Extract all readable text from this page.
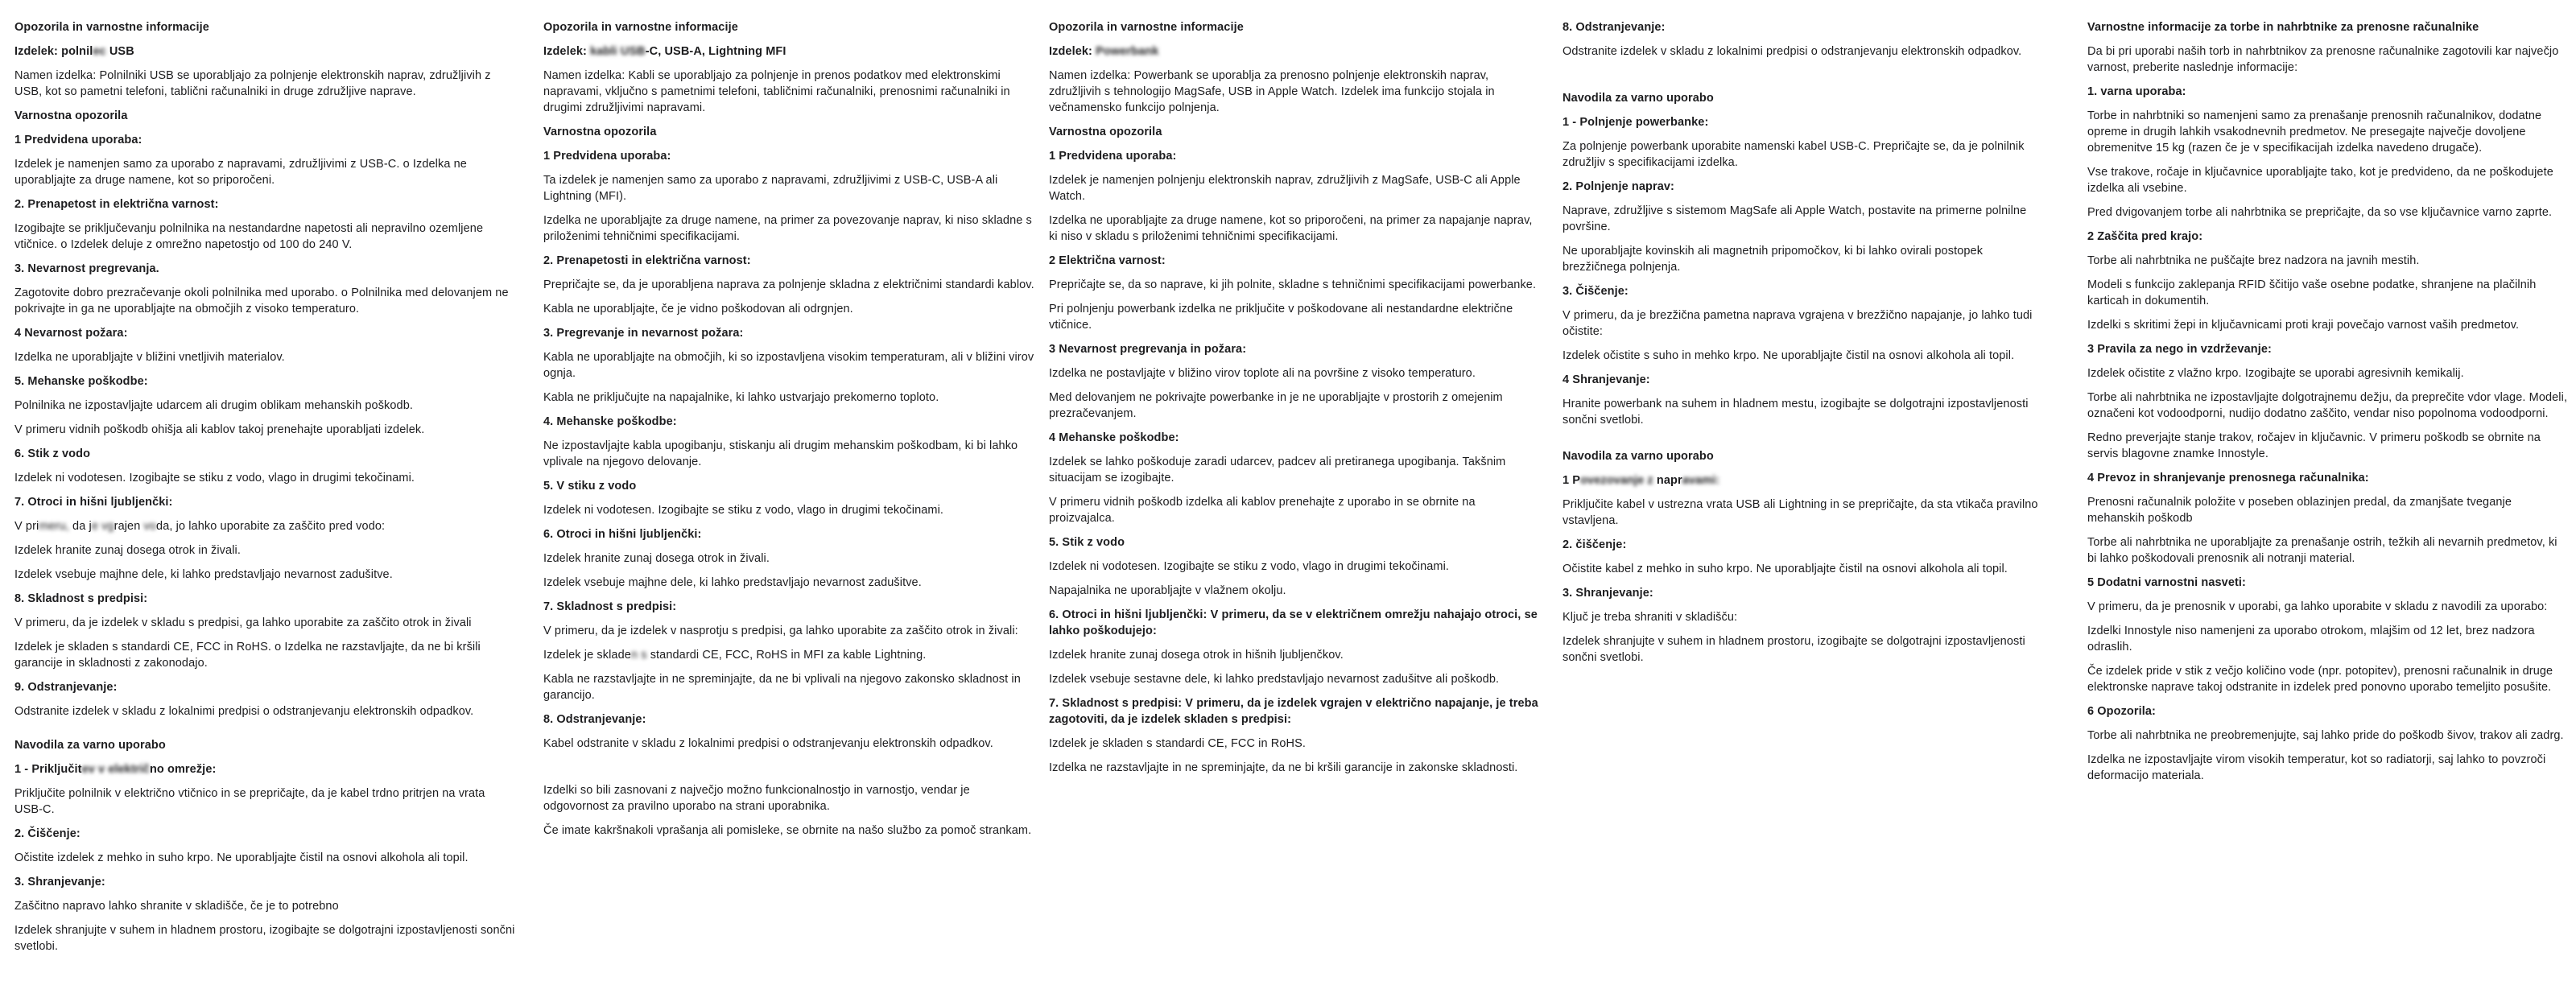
Opozorila in varnostne informacije
Izdelek: polnilec USB

Namen izdelka: Polnilniki USB se uporabljajo za polnjenje elektronskih naprav, združljivih z USB, kot so pametni telefoni, tablični računalniki in druge združljive naprave.

Varnostna opozorila
1 Predvidena uporaba:

Izdelek je namenjen samo za uporabo z napravami, združljivimi z USB-C. o Izdelka ne uporabljajte za druge namene, kot so priporočeni.

2. Prenapetost in električna varnost:

Izogibajte se priključevanju polnilnika na nestandardne napetosti ali nepravilno ozemljene vtičnice. o Izdelek deluje z omrežno napetostjo od 100 do 240 V.

3. Nevarnost pregrevanja.

Zagotovite dobro prezračevanje okoli polnilnika med uporabo. o Polnilnika med delovanjem ne pokrivajte in ga ne uporabljajte na območjih z visoko temperaturo.

4 Nevarnost požara:

Izdelka ne uporabljajte v bližini vnetljivih materialov.

5. Mehanske poškodbe:

Polnilnika ne izpostavljajte udarcem ali drugim oblikam mehanskih poškodb.

V primeru vidnih poškodb ohišja ali kablov takoj prenehajte uporabljati izdelek.

6. Stik z vodo

Izdelek ni vodotesen. Izogibajte se stiku z vodo, vlago in drugimi tekočinami.

7. Otroci in hišni ljubljenčki:

V primeru, da je vgrajen voda, jo lahko uporabite za zaščito pred vodo:

Izdelek hranite zunaj dosega otrok in živali.

Izdelek vsebuje majhne dele, ki lahko predstavljajo nevarnost zadušitve.

8. Skladnost s predpisi:

V primeru, da je izdelek v skladu s predpisi, ga lahko uporabite za zaščito otrok in živali

Izdelek je skladen s standardi CE, FCC in RoHS. o Izdelka ne razstavljajte, da ne bi kršili garancije in skladnosti z zakonodajo.

9. Odstranjevanje:

Odstranite izdelek v skladu z lokalnimi predpisi o odstranjevanju elektronskih odpadkov.

Navodila za varno uporabo
1 - Priključitev v električno omrežje:

Priključite polnilnik v električno vtičnico in se prepričajte, da je kabel trdno pritrjen na vrata USB-C.

2. Čiščenje:

Očistite izdelek z mehko in suho krpo. Ne uporabljajte čistil na osnovi alkohola ali topil.

3. Shranjevanje:

Zaščitno napravo lahko shranite v skladišče, če je to potrebno

Izdelek shranjujte v suhem in hladnem prostoru, izogibajte se dolgotrajni izpostavljenosti sončni svetlobi.

Opozorila in varnostne informacije
Izdelek: kabli USB-C, USB-A, Lightning MFI

Namen izdelka: Kabli se uporabljajo za polnjenje in prenos podatkov med elektronskimi napravami, vključno s pametnimi telefoni, tabličnimi računalniki, prenosnimi računalniki in drugimi združljivimi napravami.

Varnostna opozorila
1 Predvidena uporaba:

Ta izdelek je namenjen samo za uporabo z napravami, združljivimi z USB-C, USB-A ali Lightning (MFI).

Izdelka ne uporabljajte za druge namene, na primer za povezovanje naprav, ki niso skladne s priloženimi tehničnimi specifikacijami.

2. Prenapetosti in električna varnost:

Prepričajte se, da je uporabljena naprava za polnjenje skladna z električnimi standardi kablov.

Kabla ne uporabljajte, če je vidno poškodovan ali odrgnjen.

3. Pregrevanje in nevarnost požara:

Kabla ne uporabljajte na območjih, ki so izpostavljena visokim temperaturam, ali v bližini virov ognja.

Kabla ne priključujte na napajalnike, ki lahko ustvarjajo prekomerno toploto.

4. Mehanske poškodbe:

Ne izpostavljajte kabla upogibanju, stiskanju ali drugim mehanskim poškodbam, ki bi lahko vplivale na njegovo delovanje.

5. V stiku z vodo

Izdelek ni vodotesen. Izogibajte se stiku z vodo, vlago in drugimi tekočinami.

6. Otroci in hišni ljubljenčki:

Izdelek hranite zunaj dosega otrok in živali.

Izdelek vsebuje majhne dele, ki lahko predstavljajo nevarnost zadušitve.

7. Skladnost s predpisi:

V primeru, da je izdelek v nasprotju s predpisi, ga lahko uporabite za zaščito otrok in živali:

Izdelek je skladen s standardi CE, FCC, RoHS in MFI za kable Lightning.

Kabla ne razstavljajte in ne spreminjajte, da ne bi vplivali na njegovo zakonsko skladnost in garancijo.

8. Odstranjevanje:

Kabel odstranite v skladu z lokalnimi predpisi o odstranjevanju elektronskih odpadkov.

Izdelki so bili zasnovani z največjo možno funkcionalnostjo in varnostjo, vendar je odgovornost za pravilno uporabo na strani uporabnika.

Če imate kakršnakoli vprašanja ali pomisleke, se obrnite na našo službo za pomoč strankam.

Opozorila in varnostne informacije
Izdelek: Powerbank

Namen izdelka: Powerbank se uporablja za prenosno polnjenje elektronskih naprav, združljivih s tehnologijo MagSafe, USB in Apple Watch. Izdelek ima funkcijo stojala in večnamensko funkcijo polnjenja.

Varnostna opozorila
1 Predvidena uporaba:

Izdelek je namenjen polnjenju elektronskih naprav, združljivih z MagSafe, USB-C ali Apple Watch.

Izdelka ne uporabljajte za druge namene, kot so priporočeni, na primer za napajanje naprav, ki niso v skladu s priloženimi tehničnimi specifikacijami.

2 Električna varnost:

Prepričajte se, da so naprave, ki jih polnite, skladne s tehničnimi specifikacijami powerbanke.

Pri polnjenju powerbank izdelka ne priključite v poškodovane ali nestandardne električne vtičnice.

3 Nevarnost pregrevanja in požara:

Izdelka ne postavljajte v bližino virov toplote ali na površine z visoko temperaturo.

Med delovanjem ne pokrivajte powerbanke in je ne uporabljajte v prostorih z omejenim prezračevanjem.

4 Mehanske poškodbe:

Izdelek se lahko poškoduje zaradi udarcev, padcev ali pretiranega upogibanja. Takšnim situacijam se izogibajte.

V primeru vidnih poškodb izdelka ali kablov prenehajte z uporabo in se obrnite na proizvajalca.

5. Stik z vodo

Izdelek ni vodotesen. Izogibajte se stiku z vodo, vlago in drugimi tekočinami.

Napajalnika ne uporabljajte v vlažnem okolju.

6. Otroci in hišni ljubljenčki: V primeru, da se v električnem omrežju nahajajo otroci, se lahko poškodujejo:

Izdelek hranite zunaj dosega otrok in hišnih ljubljenčkov.

Izdelek vsebuje sestavne dele, ki lahko predstavljajo nevarnost zadušitve ali poškodb.

7. Skladnost s predpisi: V primeru, da je izdelek vgrajen v električno napajanje, je treba zagotoviti, da je izdelek skladen s predpisi:

Izdelek je skladen s standardi CE, FCC in RoHS.

Izdelka ne razstavljajte in ne spreminjajte, da ne bi kršili garancije in zakonske skladnosti.

8. Odstranjevanje:

Odstranite izdelek v skladu z lokalnimi predpisi o odstranjevanju elektronskih odpadkov.

Navodila za varno uporabo
1 - Polnjenje powerbanke:

Za polnjenje powerbank uporabite namenski kabel USB-C. Prepričajte se, da je polnilnik združljiv s specifikacijami izdelka.

2. Polnjenje naprav:

Naprave, združljive s sistemom MagSafe ali Apple Watch, postavite na primerne polnilne površine.

Ne uporabljajte kovinskih ali magnetnih pripomočkov, ki bi lahko ovirali postopek brezžičnega polnjenja.

3. Čiščenje:

V primeru, da je brezžična pametna naprava vgrajena v brezžično napajanje, jo lahko tudi očistite:

Izdelek očistite s suho in mehko krpo. Ne uporabljajte čistil na osnovi alkohola ali topil.

4 Shranjevanje:

Hranite powerbank na suhem in hladnem mestu, izogibajte se dolgotrajni izpostavljenosti sončni svetlobi.

Navodila za varno uporabo
1 Povezovanje z napravami:

Priključite kabel v ustrezna vrata USB ali Lightning in se prepričajte, da sta vtikača pravilno vstavljena.

2. čiščenje:

Očistite kabel z mehko in suho krpo. Ne uporabljajte čistil na osnovi alkohola ali topil.

3. Shranjevanje:

Ključ je treba shraniti v skladišču:

Izdelek shranjujte v suhem in hladnem prostoru, izogibajte se dolgotrajni izpostavljenosti sončni svetlobi.

Varnostne informacije za torbe in nahrbtnike za prenosne računalnike

Da bi pri uporabi naših torb in nahrbtnikov za prenosne računalnike zagotovili kar največjo varnost, preberite naslednje informacije:

1. varna uporaba:

Torbe in nahrbtniki so namenjeni samo za prenašanje prenosnih računalnikov, dodatne opreme in drugih lahkih vsakodnevnih predmetov. Ne presegajte največje dovoljene obremenitve 15 kg (razen če je v specifikacijah izdelka navedeno drugače).

Vse trakove, ročaje in ključavnice uporabljajte tako, kot je predvideno, da ne poškodujete izdelka ali vsebine.

Pred dvigovanjem torbe ali nahrbtnika se prepričajte, da so vse ključavnice varno zaprte.

2 Zaščita pred krajo:

Torbe ali nahrbtnika ne puščajte brez nadzora na javnih mestih.

Modeli s funkcijo zaklepanja RFID ščitijo vaše osebne podatke, shranjene na plačilnih karticah in dokumentih.

Izdelki s skritimi žepi in ključavnicami proti kraji povečajo varnost vaših predmetov.

3 Pravila za nego in vzdrževanje:

Izdelek očistite z vlažno krpo. Izogibajte se uporabi agresivnih kemikalij.

Torbe ali nahrbtnika ne izpostavljajte dolgotrajnemu dežju, da preprečite vdor vlage. Modeli, označeni kot vodoodporni, nudijo dodatno zaščito, vendar niso popolnoma vodoodporni.

Redno preverjajte stanje trakov, ročajev in ključavnic. V primeru poškodb se obrnite na servis blagovne znamke Innostyle.

4 Prevoz in shranjevanje prenosnega računalnika:

Prenosni računalnik položite v poseben oblazinjen predal, da zmanjšate tveganje mehanskih poškodb

Torbe ali nahrbtnika ne uporabljajte za prenašanje ostrih, težkih ali nevarnih predmetov, ki bi lahko poškodovali prenosnik ali notranji material.

5 Dodatni varnostni nasveti:

V primeru, da je prenosnik v uporabi, ga lahko uporabite v skladu z navodili za uporabo:

Izdelki Innostyle niso namenjeni za uporabo otrokom, mlajšim od 12 let, brez nadzora odraslih.

Če izdelek pride v stik z večjo količino vode (npr. potopitev), prenosni računalnik in druge elektronske naprave takoj odstranite in izdelek pred ponovno uporabo temeljito posušite.

6 Opozorila:

Torbe ali nahrbtnika ne preobremenjujte, saj lahko pride do poškodb šivov, trakov ali zadrg.

Izdelka ne izpostavljajte virom visokih temperatur, kot so radiatorji, saj lahko to povzroči deformacijo materiala.
